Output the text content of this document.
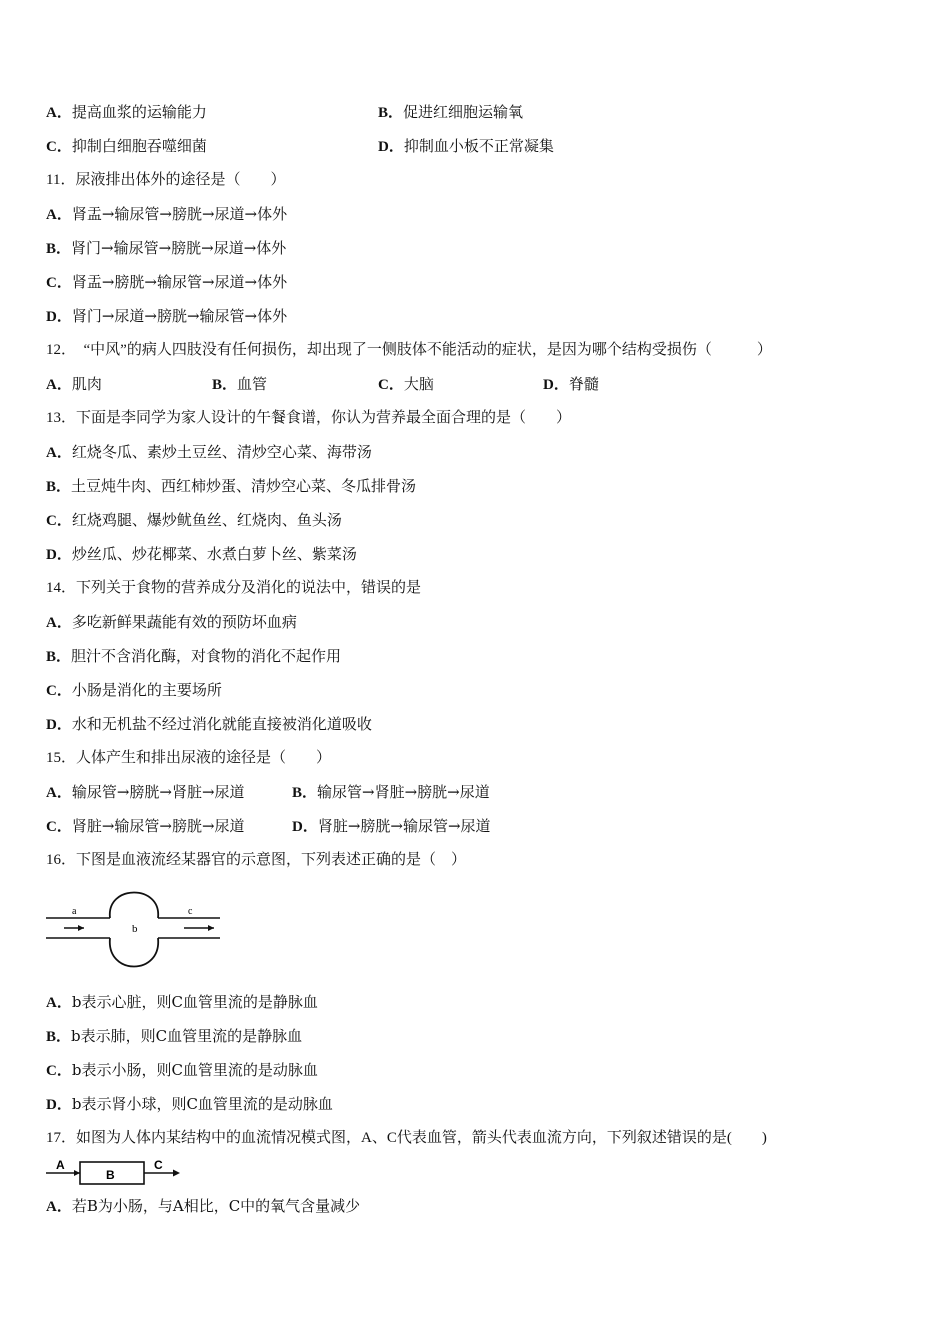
A．提高血浆的运输能力	B．促进红细胞运输氧
C．抑制白细胞吞噬细菌	D．抑制血小板不正常凝集
11．尿液排出体外的途径是（　　）
A．肾盂→输尿管→膀胱→尿道→体外
B．肾门→输尿管→膀胱→尿道→体外
C．肾盂→膀胱→输尿管→尿道→体外
D．肾门→尿道→膀胱→输尿管→体外
12．　“中风”的病人四肢没有任何损伤，却出现了一侧肢体不能活动的症状，是因为哪个结构受损伤（　　　）
A．肌肉	B．血管	C．大脑	D．脊髓
13．下面是李同学为家人设计的午餐食谱，你认为营养最全面合理的是（　　）
A．红烧冬瓜、素炒土豆丝、清炒空心菜、海带汤
B．土豆炖牛肉、西红柿炒蛋、清炒空心菜、冬瓜排骨汤
C．红烧鸡腿、爆炒鱿鱼丝、红烧肉、鱼头汤
D．炒丝瓜、炒花椰菜、水煮白萝卜丝、紫菜汤
14．下列关于食物的营养成分及消化的说法中，错误的是
A．多吃新鲜果蔬能有效的预防坏血病
B．胆汁不含消化酶，对食物的消化不起作用
C．小肠是消化的主要场所
D．水和无机盐不经过消化就能直接被消化道吸收
15．人体产生和排出尿液的途径是（　　）
A．输尿管→膀胱→肾脏→尿道	B．输尿管→肾脏→膀胱→尿道
C．肾脏→输尿管→膀胱→尿道	D．肾脏→膀胱→输尿管→尿道
16．下图是血液流经某器官的示意图，下列表述正确的是（　）
a
b
c
A．b表示心脏，则C血管里流的是静脉血
B．b表示肺，则C血管里流的是静脉血
C．b表示小肠，则C血管里流的是动脉血
D．b表示肾小球，则C血管里流的是动脉血
17．如图为人体内某结构中的血流情况模式图，A、C代表血管，箭头代表血流方向，下列叙述错误的是(　　)
A
B
C
A．若B为小肠，与A相比，C中的氧气含量减少
